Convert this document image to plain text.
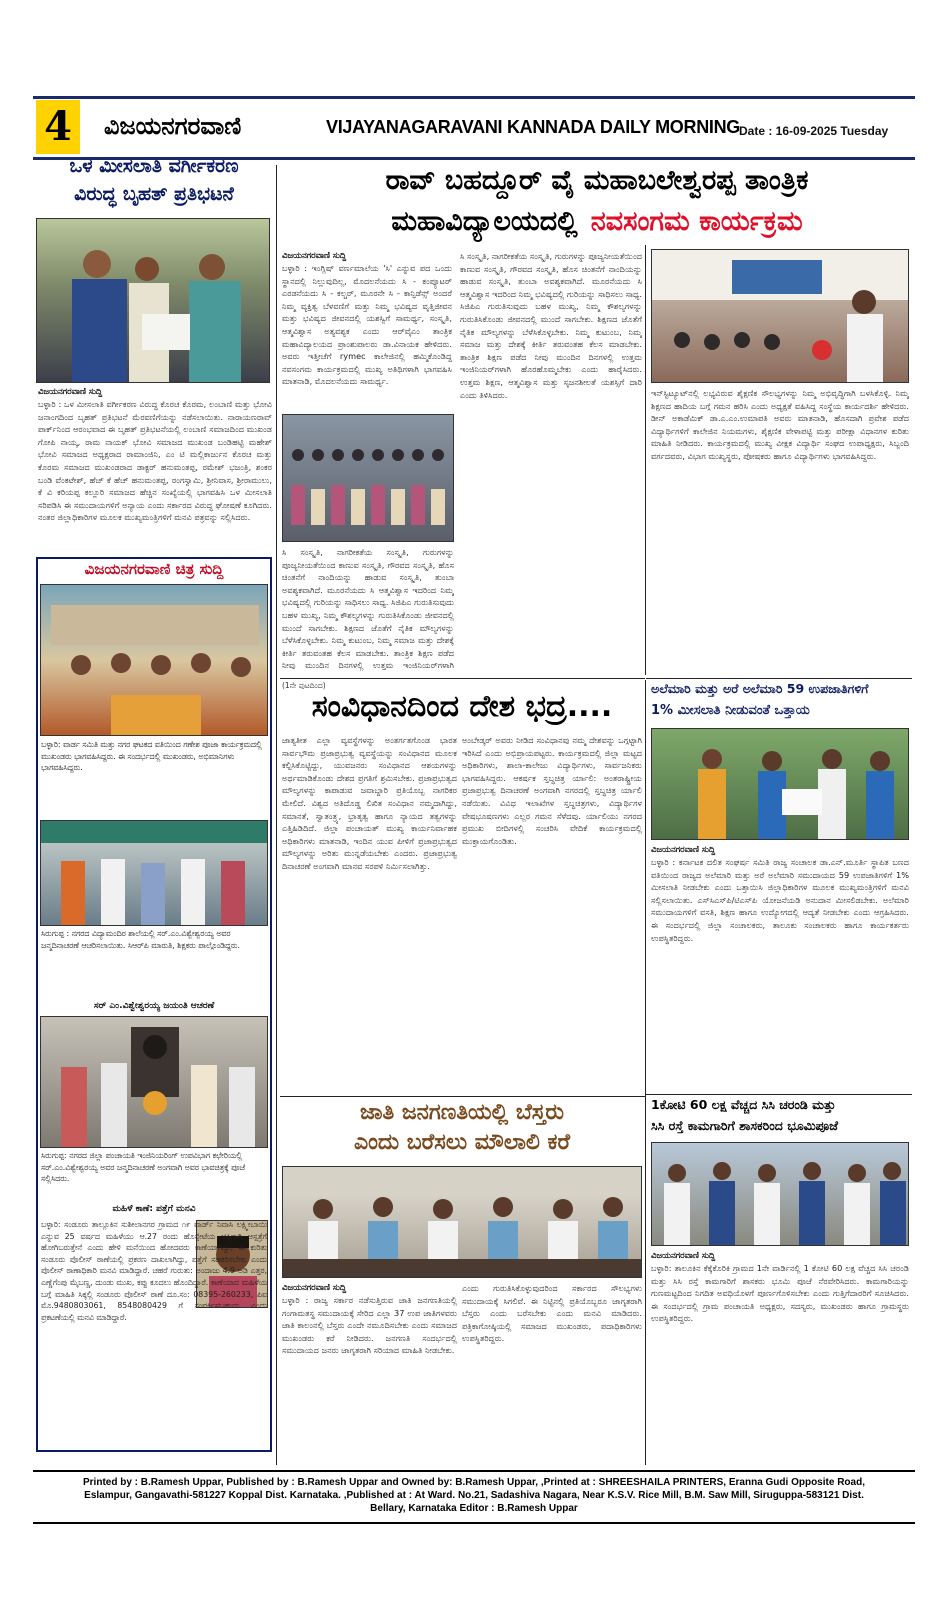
4	ವಿಜಯನಗರವಾಣಿ	VIJAYANAGARAVANI KANNADA DAILY MORNING Date : 16-09-2025 Tuesday
ಒಳ ಮೀಸಲಾತಿ ವರ್ಗೀಕರಣ
ವಿರುದ್ಧ ಬೃಹತ್ ಪ್ರತಿಭಟನೆ
ವಿಜಯನಗರವಾಣಿ ಸುದ್ದಿ
ಬಳ್ಳಾರಿ : ಒಳ ಮೀಸಲಾತಿ ವರ್ಗೀಕರಣ ವಿರುದ್ಧ ಕೊರಚ ಕೊರಮ, ಲಂಬಾಣಿ ಮತ್ತು ಭೋವಿ ಜನಾಂಗದಿಂದ ಬೃಹತ್ ಪ್ರತಿಭಟನೆ ಮೆರವಣಿಗೆಯನ್ನು ನಡೆಸಲಾಯಿತು. ನಾರಾಯಣರಾವ್ ಪಾರ್ಕ್‌ನಿಂದ ಆರಂಭವಾದ ಈ ಬೃಹತ್ ಪ್ರತಿಭಟನೆಯಲ್ಲಿ ಲಂಬಾಣಿ ಸಮಾಜದಿಂದ ಮುಖಂಡ ಗೋಪಿ ನಾಯ್ಕ, ರಾಮ ನಾಯಕ್ ಭೋವಿ ಸಮಾಜದ ಮುಖಂಡ ಬಂಡಿಹಟ್ಟಿ ಮಹೇಶ್ ಭೋವಿ ಸಮಾಜದ ಅಧ್ಯಕ್ಷರಾದ ರಾಮಾಂಜಿನಿ, ಎಂ ಟಿ ಮಲ್ಲಿಕಾರ್ಜುನ ಕೊರಚ ಮತ್ತು ಕೊರಮ ಸಮಾಜದ ಮುಖಂಡರಾದ ಡಾಕ್ಟರ್ ಹನುಮಂತಪ್ಪ, ರಮೇಶ್ ಭಜಂತ್ರಿ, ಶಂಕರ ಬಂಡಿ ವೆಂಕಟೇಶ್, ಹೆಚ್ ಕೆ ಹೆಚ್ ಹನುಮಂತಪ್ಪ, ರಂಗಸ್ವಾಮಿ, ಶ್ರೀನಿವಾಸ, ಶ್ರೀರಾಮುಲು, ಕೆ ವಿ ಕರಿಯಪ್ಪ ಕಲ್ಲೂರಿ ಸಮಾಜದ ಹೆಚ್ಚಿನ ಸಂಖ್ಯೆಯಲ್ಲಿ ಭಾಗವಹಿಸಿ ಒಳ ಮೀಸಲಾತಿ ಸರಿಪಡಿಸಿ ಈ ಸಮುದಾಯಗಳಿಗೆ ಅನ್ಯಾಯ ಎಂದು ಸರ್ಕಾರದ ವಿರುದ್ಧ ಘೋಷಣೆ ಕೂಗಿದರು. ನಂತರ ಜಿಲ್ಲಾಧಿಕಾರಿಗಳ ಮೂಲಕ ಮುಖ್ಯಮಂತ್ರಿಗಳಿಗೆ ಮನವಿ ಪತ್ರವನ್ನು ಸಲ್ಲಿಸಿದರು.
ವಿಜಯನಗರವಾಣಿ ಚಿತ್ರ ಸುದ್ದಿ
ಬಳ್ಳಾರಿ: ವಾರ್ಡ ಸಮಿತಿ ಮತ್ತು ನಗರ ಘಟಕದ ವತಿಯಿಂದ ಗಣೇಶ ಪೂಜಾ ಕಾರ್ಯಕ್ರಮದಲ್ಲಿ ಮುಖಂಡರು ಭಾಗವಹಿಸಿದ್ದರು. ಈ ಸಂದರ್ಭದಲ್ಲಿ ಮುಖಂಡರು, ಅಭಿಮಾನಿಗಳು ಭಾಗವಹಿಸಿದ್ದರು.
ಸಿರುಗುಪ್ಪ : ನಗರದ ವಿದ್ಯಾಮಂದಿರ ಶಾಲೆಯಲ್ಲಿ ಸರ್.ಎಂ.ವಿಶ್ವೇಶ್ವರಯ್ಯ ಅವರ ಜನ್ಮದಿನಾಚರಣೆ ಆಚರಿಸಲಾಯಿತು. ಸಿಆರ್‌ಪಿ ಮಾರುತಿ, ಶಿಕ್ಷಕರು ಪಾಲ್ಗೊಂಡಿದ್ದರು.
ಸರ್ ಎಂ.ವಿಶ್ವೇಶ್ವರಯ್ಯ ಜಯಂತಿ ಆಚರಣೆ
ಸಿರುಗುಪ್ಪ: ನಗರದ ಜಿಲ್ಲಾ ಪಂಚಾಯತಿ ಇಂಜಿನಿಯರಿಂಗ್ ಉಪವಿಭಾಗ ಕಛೇರಿಯಲ್ಲಿ ಸರ್.ಎಂ.ವಿಶ್ವೇಶ್ವರಯ್ಯ ಅವರ ಜನ್ಮದಿನಾಚರಣೆ ಅಂಗವಾಗಿ ಅವರ ಭಾವಚಿತ್ರಕ್ಕೆ ಪೂಜೆ ಸಲ್ಲಿಸಿದರು.
ಮಹಿಳೆ ಕಾಣೆ: ಪತ್ತೆಗೆ ಮನವಿ
ಬಳ್ಳಾರಿ: ಸಂಡೂರು ತಾಲ್ಲೂಕಿನ ಸುಶೀಲಾನಗರ ಗ್ರಾಮದ ೧೯ ವಾರ್ಡ್ ನಿವಾಸಿ ಲಕ್ಷ್ಮೀಬಾಯಿ ಎನ್ನುವ 25 ವರ್ಷದ ಮಹಿಳೆಯು ಆ.27 ರಂದು ಹೊಸ್ಪೇಟೆಯ ಚಿಕ್ಕಿಗಾಗಿ ಆಸ್ಪತ್ರೆಗೆ ಹೋಗಿಬರುತ್ತೇನೆ ಎಂದು ಹೇಳಿ ಮನೆಯಿಂದ ಹೋದವರು ಕಾಣೆಯಾಗಿದ್ದು, ಈ ಕುರಿತು ಸಂಡೂರು ಪೊಲೀಸ್ ಠಾಣೆಯಲ್ಲಿ ಪ್ರಕರಣ ದಾಖಲಾಗಿದ್ದು, ಪತ್ತೆಗೆ ಸಹಕರಿಸಬೇಕು ಎಂದು ಪೊಲೀಸ್ ಠಾಣಾಧಿಕಾರಿ ಮನವಿ ಮಾಡಿದ್ದಾರೆ. ಚಹರೆ ಗುರುತು: ಅಂದಾಜು 4.9 ಅಡಿ ಎತ್ತರ, ಎಣ್ಣೆಗೆಂಪು ಮೈಬಣ್ಣ, ದುಂಡು ಮುಖ, ಕಪ್ಪು ಕೂದಲು ಹೊಂದಿದ್ದಾರೆ. ಕಾಣೆಯಾದ ಮಹಿಳೆಯ ಬಗ್ಗೆ ಮಾಹಿತಿ ಸಿಕ್ಕಲ್ಲಿ ಸಂಡೂರು ಪೊಲೀಸ್ ಠಾಣೆ ದೂ.ಸಂ: 08395-260233, ಪಿಐ ಮೊ.9480803061, 8548080429 ಗೆ ಸಂಪರ್ಕಿಸಬಹುದು ಎಂದು ಪ್ರಕಟಣೆಯಲ್ಲಿ ಮನವಿ ಮಾಡಿದ್ದಾರೆ.
ರಾವ್ ಬಹದ್ದೂರ್ ವೈ ಮಹಾಬಲೇಶ್ವರಪ್ಪ ತಾಂತ್ರಿಕ
ಮಹಾವಿದ್ಯಾಲಯದಲ್ಲಿ ನವಸಂಗಮ ಕಾರ್ಯಕ್ರಮ
ವಿಜಯನಗರವಾಣಿ ಸುದ್ದಿ
ಬಳ್ಳಾರಿ : ಇಂಗ್ಲಿಷ್ ವರ್ಣಮಾಲೆಯ 'ಸಿ' ಎನ್ನುವ ಪದ ಒಂದು ಸ್ಥಾನದಲ್ಲಿ ನಿಲ್ಲುವುದಿಲ್ಲ, ಮೊದಲನೆಯದು ಸಿ - ಕಂಪ್ಯೂಟರ್ ಎರಡನೆಯದು ಸಿ - ಕಲ್ಚರ್, ಮೂರನೇ ಸಿ - ಕಾನ್ಫಿಡೆನ್ಸ್ ಅಂದರೆ ನಿಮ್ಮ ವ್ಯಕ್ತಿತ್ವ ಬೆಳವಣಿಗೆ ಮತ್ತು ನಿಮ್ಮ ಭವಿಷ್ಯದ ವೃತ್ತಿಜೀವನ ಮತ್ತು ಭವಿಷ್ಯದ ಜೀವನದಲ್ಲಿ ಯಶಸ್ವಿಗೆ ಸಾಮರ್ಥ್ಯ, ಸಂಸ್ಕೃತಿ, ಆತ್ಮವಿಶ್ವಾಸ ಅತ್ಯವಶ್ಯಕ ಎಂದು ಆರ್‌ವೈಎಂ ತಾಂತ್ರಿಕ ಮಹಾವಿದ್ಯಾಲಯದ ಪ್ರಾಂಶುಪಾಲರು ಡಾ.ವಿನಾಯಕ ಹೇಳಿದರು. ಅವರು ಇತ್ತೀಚೆಗೆ rymec ಕಾಲೇಜಿನಲ್ಲಿ ಹಮ್ಮಿಕೊಂಡಿದ್ದ ನವಸಂಗಮ ಕಾರ್ಯಕ್ರಮದಲ್ಲಿ ಮುಖ್ಯ ಅತಿಥಿಗಳಾಗಿ ಭಾಗವಹಿಸಿ ಮಾತನಾಡಿ, ಮೊದಲನೆಯದು ಸಾಮರ್ಥ್ಯ.
ಸಿ ಸಂಸ್ಕೃತಿ, ನಾಗರೀಕತೆಯ ಸಂಸ್ಕೃತಿ, ಗುರುಗಳನ್ನು ಪೂಜ್ಯನೀಯತೆಯಿಂದ ಕಾಣುವ ಸಂಸ್ಕೃತಿ, ಗೌರವದ ಸಂಸ್ಕೃತಿ, ಹೊಸ ಚಿಂತನೆಗೆ ನಾಂದಿಯನ್ನು ಹಾಡುವ ಸಂಸ್ಕೃತಿ, ತುಂಬಾ ಅವಶ್ಯಕವಾಗಿದೆ. ಮೂರನೆಯದು ಸಿ ಆತ್ಮವಿಶ್ವಾಸ ಇದರಿಂದ ನಿಮ್ಮ ಭವಿಷ್ಯದಲ್ಲಿ ಗುರಿಯನ್ನು ಸಾಧಿಸಲು ಸಾಧ್ಯ. ಸಿಜಿಪಿಎ ಗುರುತಿಸುವುದು ಬಹಳ ಮುಖ್ಯ, ನಿಮ್ಮ ಕೌಶಲ್ಯಗಳನ್ನು ಗುರುತಿಸಿಕೊಂಡು ಜೀವನದಲ್ಲಿ ಮುಂದೆ ಸಾಗಬೇಕು. ಶಿಕ್ಷಣದ ಜೊತೆಗೆ ನೈತಿಕ ಮೌಲ್ಯಗಳನ್ನು ಬೆಳೆಸಿಕೊಳ್ಳಬೇಕು. ನಿಮ್ಮ ಕುಟುಂಬ, ನಿಮ್ಮ ಸಮಾಜ ಮತ್ತು ದೇಶಕ್ಕೆ ಕೀರ್ತಿ ತರುವಂತಹ ಕೆಲಸ ಮಾಡಬೇಕು. ತಾಂತ್ರಿಕ ಶಿಕ್ಷಣ ಪಡೆದ ನೀವು ಮುಂದಿನ ದಿನಗಳಲ್ಲಿ ಉತ್ತಮ ಇಂಜಿನಿಯರ್‌ಗಳಾಗಿ
ಸಿ ಸಂಸ್ಕೃತಿ, ನಾಗರೀಕತೆಯ ಸಂಸ್ಕೃತಿ, ಗುರುಗಳನ್ನು ಪೂಜ್ಯನೀಯತೆಯಿಂದ ಕಾಣುವ ಸಂಸ್ಕೃತಿ, ಗೌರವದ ಸಂಸ್ಕೃತಿ, ಹೊಸ ಚಿಂತನೆಗೆ ನಾಂದಿಯನ್ನು ಹಾಡುವ ಸಂಸ್ಕೃತಿ, ತುಂಬಾ ಅವಶ್ಯಕವಾಗಿದೆ. ಮೂರನೆಯದು ಸಿ ಆತ್ಮವಿಶ್ವಾಸ ಇದರಿಂದ ನಿಮ್ಮ ಭವಿಷ್ಯದಲ್ಲಿ ಗುರಿಯನ್ನು ಸಾಧಿಸಲು ಸಾಧ್ಯ. ಸಿಜಿಪಿಎ ಗುರುತಿಸುವುದು ಬಹಳ ಮುಖ್ಯ, ನಿಮ್ಮ ಕೌಶಲ್ಯಗಳನ್ನು ಗುರುತಿಸಿಕೊಂಡು ಜೀವನದಲ್ಲಿ ಮುಂದೆ ಸಾಗಬೇಕು. ಶಿಕ್ಷಣದ ಜೊತೆಗೆ ನೈತಿಕ ಮೌಲ್ಯಗಳನ್ನು ಬೆಳೆಸಿಕೊಳ್ಳಬೇಕು. ನಿಮ್ಮ ಕುಟುಂಬ, ನಿಮ್ಮ ಸಮಾಜ ಮತ್ತು ದೇಶಕ್ಕೆ ಕೀರ್ತಿ ತರುವಂತಹ ಕೆಲಸ ಮಾಡಬೇಕು. ತಾಂತ್ರಿಕ ಶಿಕ್ಷಣ ಪಡೆದ ನೀವು ಮುಂದಿನ ದಿನಗಳಲ್ಲಿ ಉತ್ತಮ ಇಂಜಿನಿಯರ್‌ಗಳಾಗಿ ಹೊರಹೊಮ್ಮಬೇಕು ಎಂದು ಹಾರೈಸಿದರು. ಉತ್ತಮ ಶಿಕ್ಷಣ, ಆತ್ಮವಿಶ್ವಾಸ ಮತ್ತು ಸೃಜನಶೀಲತೆ ಯಶಸ್ಸಿಗೆ ದಾರಿ ಎಂದು ತಿಳಿಸಿದರು.	ಇನ್‌ಸ್ಟಿಟ್ಯೂಟ್‌ನಲ್ಲಿ ಲಭ್ಯವಿರುವ ಶೈಕ್ಷಣಿಕ ಸೌಲಭ್ಯಗಳನ್ನು ನಿಮ್ಮ ಅಭಿವೃದ್ಧಿಗಾಗಿ ಬಳಸಿಕೊಳ್ಳಿ. ನಿಮ್ಮ ಶಿಕ್ಷಣದ ಹಾದಿಯ ಬಗ್ಗೆ ಗಮನ ಹರಿಸಿ ಎಂದು ಅಧ್ಯಕ್ಷತೆ ವಹಿಸಿದ್ದ ಸಂಸ್ಥೆಯ ಕಾರ್ಯದರ್ಶಿ ಹೇಳಿದರು. ಡೀನ್ ಅಕಾಡೆಮಿಕ್ ಡಾ.ಎ.ಎಂ.ಉಮಾಪತಿ ಅವರು ಮಾತನಾಡಿ, ಹೊಸದಾಗಿ ಪ್ರವೇಶ ಪಡೆದ ವಿದ್ಯಾರ್ಥಿಗಳಿಗೆ ಕಾಲೇಜಿನ ನಿಯಮಗಳು, ಶೈಕ್ಷಣಿಕ ವೇಳಾಪಟ್ಟಿ ಮತ್ತು ಪರೀಕ್ಷಾ ವಿಧಾನಗಳ ಕುರಿತು ಮಾಹಿತಿ ನೀಡಿದರು. ಕಾರ್ಯಕ್ರಮದಲ್ಲಿ ಮುಖ್ಯ ವೀಕ್ಷಕ ವಿದ್ಯಾರ್ಥಿ ಸಂಘದ ಉಪಾಧ್ಯಕ್ಷರು, ಸಿಬ್ಬಂದಿ ವರ್ಗದವರು, ವಿಭಾಗ ಮುಖ್ಯಸ್ಥರು, ಪೋಷಕರು ಹಾಗೂ ವಿದ್ಯಾರ್ಥಿಗಳು ಭಾಗವಹಿಸಿದ್ದರು.
(1ನೇ ಪುಟದಿಂದ)
ಸಂವಿಧಾನದಿಂದ ದೇಶ ಭದ್ರ....
ಜಾತ್ಯತೀತ ಎಲ್ಲಾ ವ್ಯವಸ್ಥೆಗಳನ್ನು ಅಂತರ್ಗತಗೊಂಡ ಭಾರತ ಸಾರ್ವಭೌಮ ಪ್ರಜಾಪ್ರಭುತ್ವ ವ್ಯವಸ್ಥೆಯನ್ನು ಸಂವಿಧಾನದ ಮೂಲಕ ಕಲ್ಪಿಸಿಕೊಟ್ಟಿದ್ದು, ಯುವಜನರು ಸಂವಿಧಾನದ ಆಶಯಗಳನ್ನು ಅರ್ಥಮಾಡಿಕೊಂಡು ದೇಶದ ಪ್ರಗತಿಗೆ ಶ್ರಮಿಸಬೇಕು. ಪ್ರಜಾಪ್ರಭುತ್ವದ ಮೌಲ್ಯಗಳನ್ನು ಕಾಪಾಡುವ ಜವಾಬ್ದಾರಿ ಪ್ರತಿಯೊಬ್ಬ ನಾಗರಿಕರ ಮೇಲಿದೆ. ವಿಶ್ವದ ಅತಿದೊಡ್ಡ ಲಿಖಿತ ಸಂವಿಧಾನ ನಮ್ಮದಾಗಿದ್ದು, ಸಮಾನತೆ, ಸ್ವಾತಂತ್ರ್ಯ, ಭ್ರಾತೃತ್ವ ಹಾಗೂ ನ್ಯಾಯದ ತತ್ವಗಳನ್ನು ಎತ್ತಿಹಿಡಿದಿದೆ. ಜಿಲ್ಲಾ ಪಂಚಾಯತ್ ಮುಖ್ಯ ಕಾರ್ಯನಿರ್ವಾಹಕ ಅಧಿಕಾರಿಗಳು ಮಾತನಾಡಿ, ಇಂದಿನ ಯುವ ಪೀಳಿಗೆ ಪ್ರಜಾಪ್ರಭುತ್ವದ ಮೌಲ್ಯಗಳನ್ನು ಅರಿತು ಮುನ್ನಡೆಯಬೇಕು ಎಂದರು. ಪ್ರಜಾಪ್ರಭುತ್ವ ದಿನಾಚರಣೆ ಅಂಗವಾಗಿ ಮಾನವ ಸರಪಳಿ ನಿರ್ಮಿಸಲಾಗಿತ್ತು.
ಅಂಬೇಡ್ಕರ್ ಅವರು ನೀಡಿದ ಸಂವಿಧಾನವು ನಮ್ಮ ದೇಶವನ್ನು ಒಗ್ಗಟ್ಟಾಗಿ ಇರಿಸಿದೆ ಎಂದು ಅಭಿಪ್ರಾಯಪಟ್ಟರು. ಕಾರ್ಯಕ್ರಮದಲ್ಲಿ ಜಿಲ್ಲಾ ಮಟ್ಟದ ಅಧಿಕಾರಿಗಳು, ಶಾಲಾ-ಕಾಲೇಜು ವಿದ್ಯಾರ್ಥಿಗಳು, ಸಾರ್ವಜನಿಕರು ಭಾಗವಹಿಸಿದ್ದರು. ಆಕರ್ಷಕ ಸ್ತಬ್ಧಚಿತ್ರ ರ್ಯಾಲಿ: ಅಂತರಾಷ್ಟ್ರೀಯ ಪ್ರಜಾಪ್ರಭುತ್ವ ದಿನಾಚರಣೆ ಅಂಗವಾಗಿ ನಗರದಲ್ಲಿ ಸ್ತಬ್ಧಚಿತ್ರ ರ್ಯಾಲಿ ನಡೆಯಿತು. ವಿವಿಧ ಇಲಾಖೆಗಳ ಸ್ತಬ್ಧಚಿತ್ರಗಳು, ವಿದ್ಯಾರ್ಥಿಗಳ ವೇಷಭೂಷಣಗಳು ಎಲ್ಲರ ಗಮನ ಸೆಳೆದವು. ರ್ಯಾಲಿಯು ನಗರದ ಪ್ರಮುಖ ಬೀದಿಗಳಲ್ಲಿ ಸಂಚರಿಸಿ ವೇದಿಕೆ ಕಾರ್ಯಕ್ರಮದಲ್ಲಿ ಮುಕ್ತಾಯಗೊಂಡಿತು.
ಜಾತಿ ಜನಗಣತಿಯಲ್ಲಿ ಬೆಸ್ತರು
ಎಂದು ಬರೆಸಲು ಮೌಲಾಲಿ ಕರೆ
ವಿಜಯನಗರವಾಣಿ ಸುದ್ದಿ
ಬಳ್ಳಾರಿ : ರಾಜ್ಯ ಸರ್ಕಾರ ನಡೆಸುತ್ತಿರುವ ಜಾತಿ ಜನಗಣತಿಯಲ್ಲಿ ಗಂಗಾಮತಸ್ಥ ಸಮುದಾಯಕ್ಕೆ ಸೇರಿದ ಎಲ್ಲಾ 37 ಉಪ ಜಾತಿಗಳವರು ಜಾತಿ ಕಾಲಂನಲ್ಲಿ ಬೆಸ್ತರು ಎಂದೇ ನಮೂದಿಸಬೇಕು ಎಂದು ಸಮಾಜದ ಮುಖಂಡರು ಕರೆ ನೀಡಿದರು. ಜನಗಣತಿ ಸಂದರ್ಭದಲ್ಲಿ ಸಮುದಾಯದ ಜನರು ಜಾಗೃತರಾಗಿ ಸರಿಯಾದ ಮಾಹಿತಿ ನೀಡಬೇಕು.
ಎಂದು ಗುರುತಿಸಿಕೊಳ್ಳುವುದರಿಂದ ಸರ್ಕಾರದ ಸೌಲಭ್ಯಗಳು ಸಮುದಾಯಕ್ಕೆ ಸಿಗಲಿವೆ. ಈ ನಿಟ್ಟಿನಲ್ಲಿ ಪ್ರತಿಯೊಬ್ಬರೂ ಜಾಗೃತರಾಗಿ ಬೆಸ್ತರು ಎಂದು ಬರೆಸಬೇಕು ಎಂದು ಮನವಿ ಮಾಡಿದರು. ಪತ್ರಿಕಾಗೋಷ್ಠಿಯಲ್ಲಿ ಸಮಾಜದ ಮುಖಂಡರು, ಪದಾಧಿಕಾರಿಗಳು ಉಪಸ್ಥಿತರಿದ್ದರು.
ಅಲೆಮಾರಿ ಮತ್ತು ಅರೆ ಅಲೆಮಾರಿ 59 ಉಪಜಾತಿಗಳಿಗೆ
1% ಮೀಸಲಾತಿ ನೀಡುವಂತೆ ಒತ್ತಾಯ
ವಿಜಯನಗರವಾಣಿ ಸುದ್ದಿ
ಬಳ್ಳಾರಿ : ಕರ್ನಾಟಕ ದಲಿತ ಸಂಘರ್ಷ ಸಮಿತಿ ರಾಜ್ಯ ಸಂಚಾಲಕ ಡಾ.ಎನ್.ಮೂರ್ತಿ ಸ್ಥಾಪಿತ ಬಣದ ವತಿಯಿಂದ ರಾಜ್ಯದ ಅಲೆಮಾರಿ ಮತ್ತು ಅರೆ ಅಲೆಮಾರಿ ಸಮುದಾಯದ 59 ಉಪಜಾತಿಗಳಿಗೆ 1% ಮೀಸಲಾತಿ ನೀಡಬೇಕು ಎಂದು ಒತ್ತಾಯಿಸಿ ಜಿಲ್ಲಾಧಿಕಾರಿಗಳ ಮೂಲಕ ಮುಖ್ಯಮಂತ್ರಿಗಳಿಗೆ ಮನವಿ ಸಲ್ಲಿಸಲಾಯಿತು. ಎಸ್‌ಸಿಎಸ್‌ಪಿ/ಟಿಎಸ್‌ಪಿ ಯೋಜನೆಯಡಿ ಅನುದಾನ ಮೀಸಲಿಡಬೇಕು. ಅಲೆಮಾರಿ ಸಮುದಾಯಗಳಿಗೆ ವಸತಿ, ಶಿಕ್ಷಣ ಹಾಗೂ ಉದ್ಯೋಗದಲ್ಲಿ ಆದ್ಯತೆ ನೀಡಬೇಕು ಎಂದು ಆಗ್ರಹಿಸಿದರು. ಈ ಸಂದರ್ಭದಲ್ಲಿ ಜಿಲ್ಲಾ ಸಂಚಾಲಕರು, ತಾಲೂಕು ಸಂಚಾಲಕರು ಹಾಗೂ ಕಾರ್ಯಕರ್ತರು ಉಪಸ್ಥಿತರಿದ್ದರು.
1ಕೋಟಿ 60 ಲಕ್ಷ ವೆಚ್ಚದ ಸಿಸಿ ಚರಂಡಿ ಮತ್ತು
ಸಿಸಿ ರಸ್ತೆ ಕಾಮಗಾರಿಗೆ ಶಾಸಕರಿಂದ ಭೂಮಿಪೂಜೆ
ವಿಜಯನಗರವಾಣಿ ಸುದ್ದಿ
ಬಳ್ಳಾರಿ: ತಾಲೂಕಿನ ಕೆಕ್ಕೆಕೊರಿಕಿ ಗ್ರಾಮದ 1ನೇ ವಾರ್ಡಿನಲ್ಲಿ 1 ಕೋಟಿ 60 ಲಕ್ಷ ವೆಚ್ಚದ ಸಿಸಿ ಚರಂಡಿ ಮತ್ತು ಸಿಸಿ ರಸ್ತೆ ಕಾಮಗಾರಿಗೆ ಶಾಸಕರು ಭೂಮಿ ಪೂಜೆ ನೆರವೇರಿಸಿದರು. ಕಾಮಗಾರಿಯನ್ನು ಗುಣಮಟ್ಟದಿಂದ ನಿಗದಿತ ಅವಧಿಯೊಳಗೆ ಪೂರ್ಣಗೊಳಿಸಬೇಕು ಎಂದು ಗುತ್ತಿಗೆದಾರರಿಗೆ ಸೂಚಿಸಿದರು. ಈ ಸಂದರ್ಭದಲ್ಲಿ ಗ್ರಾಮ ಪಂಚಾಯತಿ ಅಧ್ಯಕ್ಷರು, ಸದಸ್ಯರು, ಮುಖಂಡರು ಹಾಗೂ ಗ್ರಾಮಸ್ಥರು ಉಪಸ್ಥಿತರಿದ್ದರು.
Printed by : B.Ramesh Uppar, Published by : B.Ramesh Uppar and Owned by: B.Ramesh Uppar, ,Printed at : SHREESHAILA PRINTERS, Eranna Gudi Opposite Road,
Eslampur, Gangavathi-581227 Koppal Dist. Karnataka. ,Published at : At Ward. No.21, Sadashiva Nagara, Near K.S.V. Rice Mill, B.M. Saw Mill, Siruguppa-583121 Dist.
Bellary, Karnataka Editor : B.Ramesh Uppar
